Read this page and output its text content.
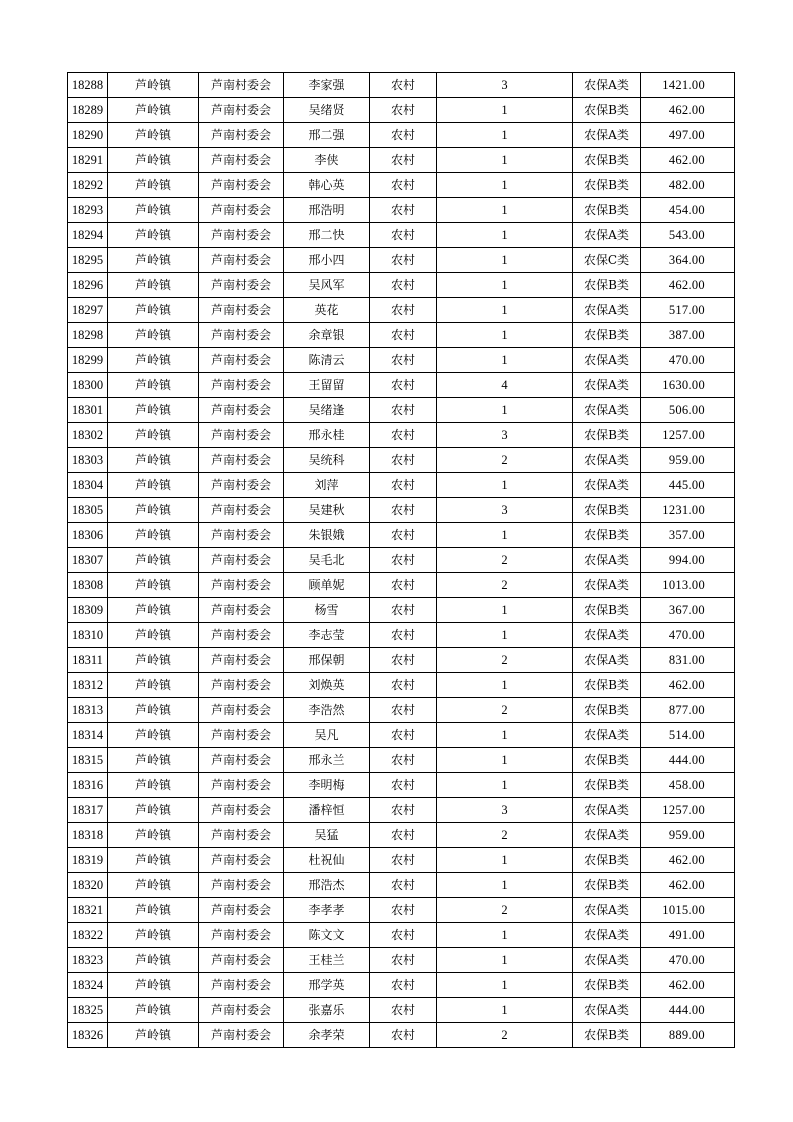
18288	芦岭镇	芦南村委会	李家强	农村	3	农保A类	1421.00
18289	芦岭镇	芦南村委会	吴绪贤	农村	1	农保B类	462.00
18290	芦岭镇	芦南村委会	邢二强	农村	1	农保A类	497.00
18291	芦岭镇	芦南村委会	李侠	农村	1	农保B类	462.00
18292	芦岭镇	芦南村委会	韩心英	农村	1	农保B类	482.00
18293	芦岭镇	芦南村委会	邢浩明	农村	1	农保B类	454.00
18294	芦岭镇	芦南村委会	邢二快	农村	1	农保A类	543.00
18295	芦岭镇	芦南村委会	邢小四	农村	1	农保C类	364.00
18296	芦岭镇	芦南村委会	吴风军	农村	1	农保B类	462.00
18297	芦岭镇	芦南村委会	英花	农村	1	农保A类	517.00
18298	芦岭镇	芦南村委会	余章银	农村	1	农保B类	387.00
18299	芦岭镇	芦南村委会	陈清云	农村	1	农保A类	470.00
18300	芦岭镇	芦南村委会	王留留	农村	4	农保A类	1630.00
18301	芦岭镇	芦南村委会	吴绪逢	农村	1	农保A类	506.00
18302	芦岭镇	芦南村委会	邢永桂	农村	3	农保B类	1257.00
18303	芦岭镇	芦南村委会	吴统科	农村	2	农保A类	959.00
18304	芦岭镇	芦南村委会	刘萍	农村	1	农保A类	445.00
18305	芦岭镇	芦南村委会	吴建秋	农村	3	农保B类	1231.00
18306	芦岭镇	芦南村委会	朱银娥	农村	1	农保B类	357.00
18307	芦岭镇	芦南村委会	吴毛北	农村	2	农保A类	994.00
18308	芦岭镇	芦南村委会	顾单妮	农村	2	农保A类	1013.00
18309	芦岭镇	芦南村委会	杨雪	农村	1	农保B类	367.00
18310	芦岭镇	芦南村委会	李志莹	农村	1	农保A类	470.00
18311	芦岭镇	芦南村委会	邢保朝	农村	2	农保A类	831.00
18312	芦岭镇	芦南村委会	刘焕英	农村	1	农保B类	462.00
18313	芦岭镇	芦南村委会	李浩然	农村	2	农保B类	877.00
18314	芦岭镇	芦南村委会	吴凡	农村	1	农保A类	514.00
18315	芦岭镇	芦南村委会	邢永兰	农村	1	农保B类	444.00
18316	芦岭镇	芦南村委会	李明梅	农村	1	农保B类	458.00
18317	芦岭镇	芦南村委会	潘梓恒	农村	3	农保A类	1257.00
18318	芦岭镇	芦南村委会	吴猛	农村	2	农保A类	959.00
18319	芦岭镇	芦南村委会	杜祝仙	农村	1	农保B类	462.00
18320	芦岭镇	芦南村委会	邢浩杰	农村	1	农保B类	462.00
18321	芦岭镇	芦南村委会	李孝孝	农村	2	农保A类	1015.00
18322	芦岭镇	芦南村委会	陈文文	农村	1	农保A类	491.00
18323	芦岭镇	芦南村委会	王桂兰	农村	1	农保A类	470.00
18324	芦岭镇	芦南村委会	邢学英	农村	1	农保B类	462.00
18325	芦岭镇	芦南村委会	张嘉乐	农村	1	农保A类	444.00
18326	芦岭镇	芦南村委会	余孝荣	农村	2	农保B类	889.00
